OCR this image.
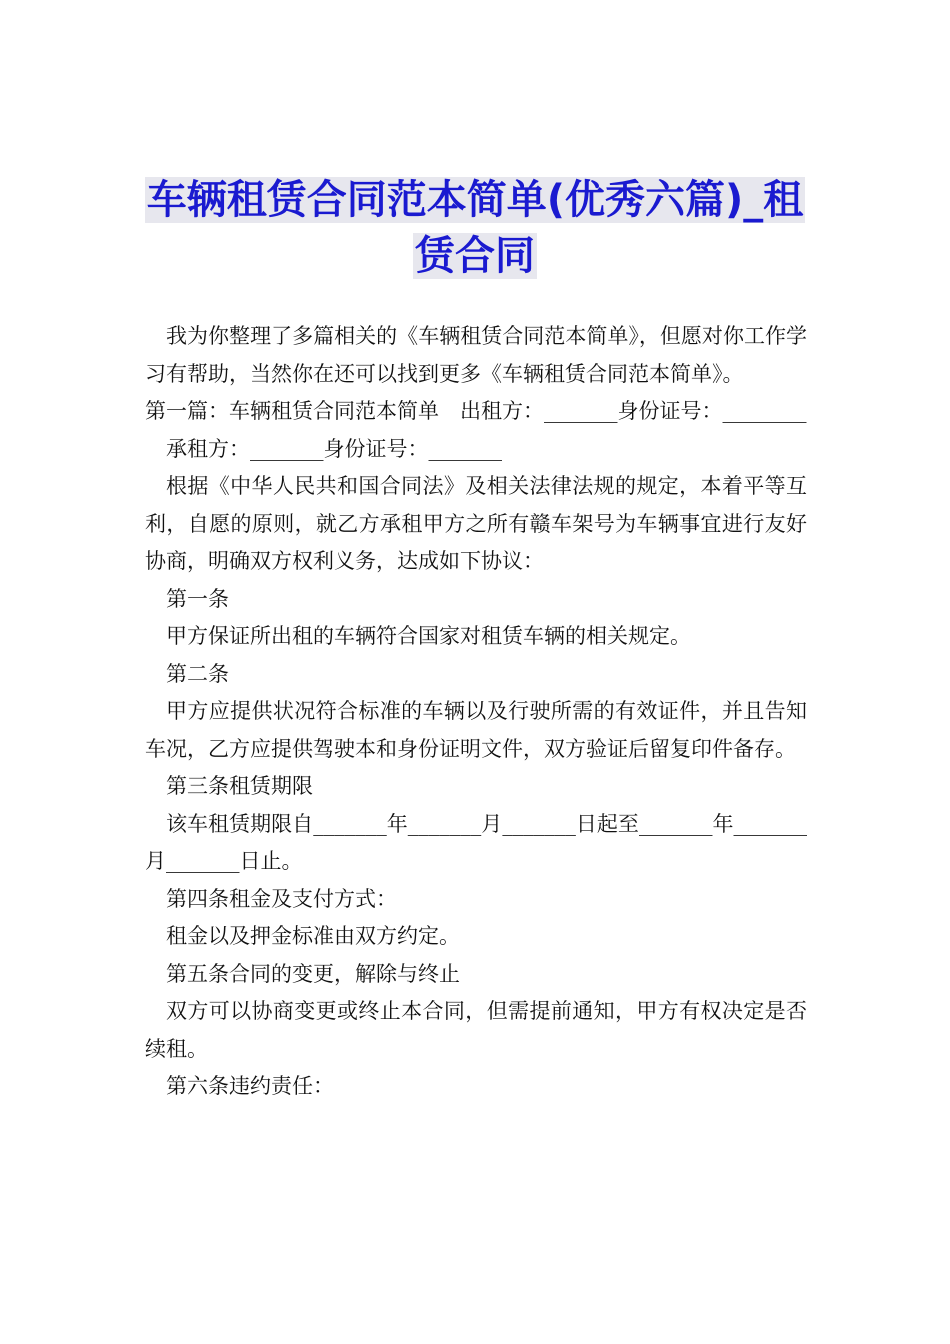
车辆租赁合同范本简单(优秀六篇)_租
赁合同

我为你整理了多篇相关的《车辆租赁合同范本简单》，但愿对你工作学习有帮助，当然你在还可以找到更多《车辆租赁合同范本简单》。

第一篇：车辆租赁合同范本简单　出租方：_______身份证号：________

承租方：_______身份证号：_______

根据《中华人民共和国合同法》及相关法律法规的规定，本着平等互利，自愿的原则，就乙方承租甲方之所有赣车架号为车辆事宜进行友好协商，明确双方权利义务，达成如下协议：

第一条

甲方保证所出租的车辆符合国家对租赁车辆的相关规定。

第二条

甲方应提供状况符合标准的车辆以及行驶所需的有效证件，并且告知车况，乙方应提供驾驶本和身份证明文件，双方验证后留复印件备存。

第三条租赁期限

该车租赁期限自_______年_______月_______日起至_______年_______月_______日止。

第四条租金及支付方式：

租金以及押金标准由双方约定。

第五条合同的变更，解除与终止

双方可以协商变更或终止本合同，但需提前通知，甲方有权决定是否续租。

第六条违约责任：
